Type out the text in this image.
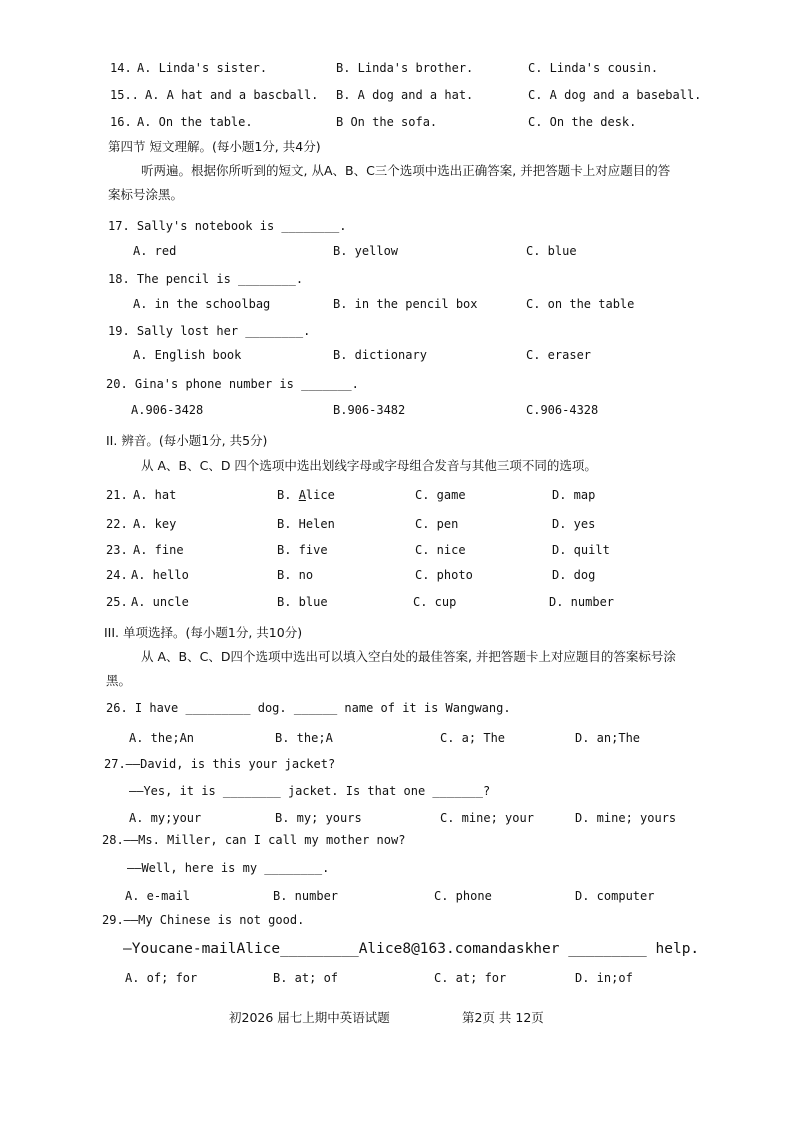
14. A. Linda's sister.	B. Linda's brother.	C. Linda's cousin.
15.. A. A hat and a bascball. B. A dog and a hat.	C. A dog and a baseball.
16. A. On the table.	B On the sofa.	C. On the desk.
第四节 短文理解。(每小题1分, 共4分)
听两遍。根据你所听到的短文, 从A、B、C三个选项中选出正确答案, 并把答题卡上对应题目的答
案标号涂黑。
17. Sally's notebook is ________.
A. red	B. yellow	C. blue
18. The pencil is ________.
A. in the schoolbag	B. in the pencil box	C. on the table
19. Sally lost her ________.
A. English book	B. dictionary	C. eraser
20. Gina's phone number is _______.
A.906-3428	B.906-3482	C.906-4328
II. 辨音。(每小题1分, 共5分)
从 A、B、C、D 四个选项中选出划线字母或字母组合发音与其他三项不同的选项。
21. A. hat	B. Alice	C. game	D. map
22. A. key	B. Helen	C. pen	D. yes
23. A. fine	B. five	C. nice	D. quilt
24. A. hello	B. no	C. photo	D. dog
25. A. uncle	B. blue	C. cup	D. number
III. 单项选择。(每小题1分, 共10分)
从 A、B、C、D四个选项中选出可以填入空白处的最佳答案, 并把答题卡上对应题目的答案标号涂
黑。
26. I have _________ dog. ______ name of it is Wangwang.
A. the;An	B. the;A	C. a; The	D. an;The
27.——David, is this your jacket?
——Yes, it is ________ jacket. Is that one _______?
A. my;your	B. my; yours	C. mine; your	D. mine; yours
28.——Ms. Miller, can I call my mother now?
——Well, here is my ________.
A. e-mail	B. number	C. phone	D. computer
29.——My Chinese is not good.
—Youcane-mailAlice_________Alice8@163.comandaskher _________ help.
A. of; for	B. at; of	C. at; for	D. in;of
初2026 届七上期中英语试题	第2页 共 12页
